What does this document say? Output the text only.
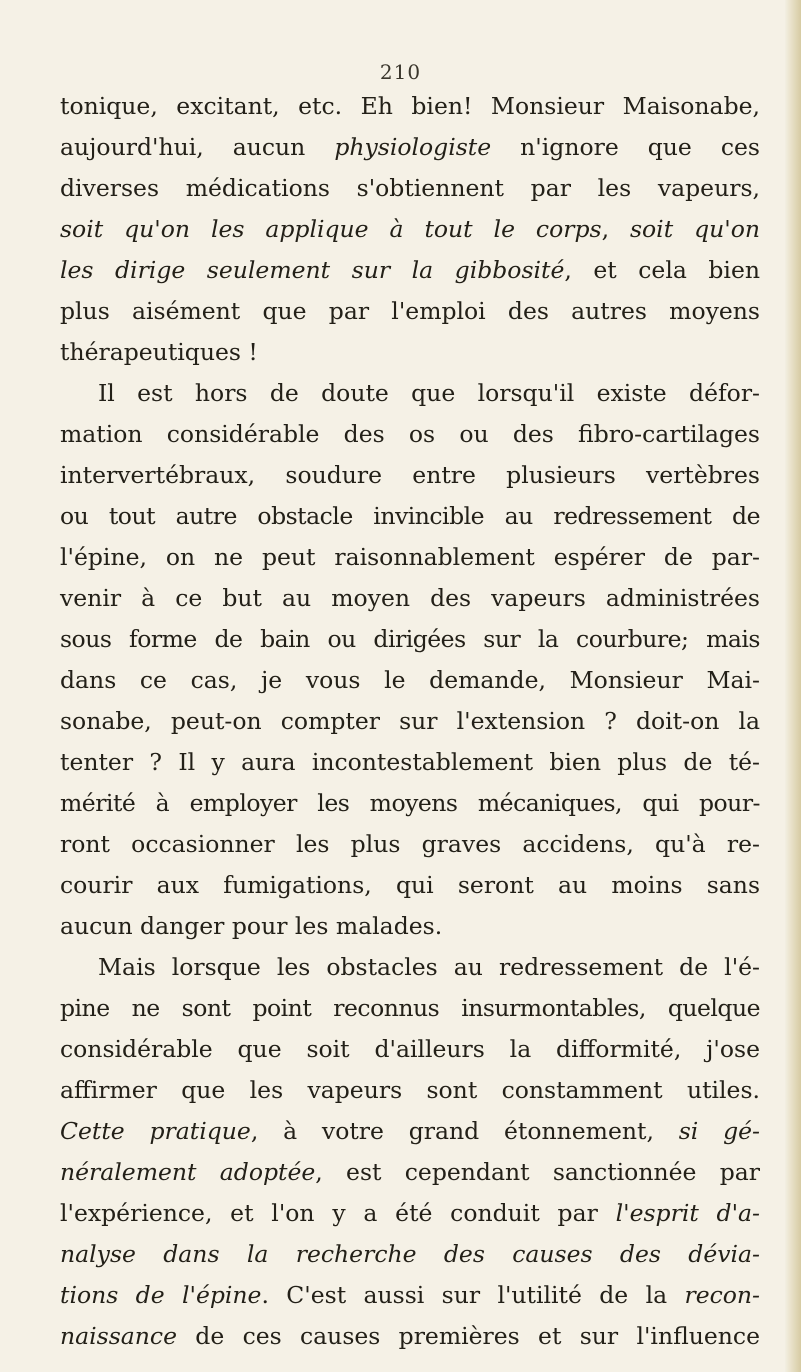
210
tonique, excitant, etc. Eh bien! Monsieur Maisonabe,
aujourd'hui, aucun physiologiste n'ignore que ces
diverses médications s'obtiennent par les vapeurs,
soit qu'on les applique à tout le corps, soit qu'on
les dirige seulement sur la gibbosité, et cela bien
plus aisément que par l'emploi des autres moyens
thérapeutiques !
Il est hors de doute que lorsqu'il existe défor-
mation considérable des os ou des fibro-cartilages
intervertébraux, soudure entre plusieurs vertèbres
ou tout autre obstacle invincible au redressement de
l'épine, on ne peut raisonnablement espérer de par-
venir à ce but au moyen des vapeurs administrées
sous forme de bain ou dirigées sur la courbure; mais
dans ce cas, je vous le demande, Monsieur Mai-
sonabe, peut-on compter sur l'extension ? doit-on la
tenter ? Il y aura incontestablement bien plus de té-
mérité à employer les moyens mécaniques, qui pour-
ront occasionner les plus graves accidens, qu'à re-
courir aux fumigations, qui seront au moins sans
aucun danger pour les malades.
Mais lorsque les obstacles au redressement de l'é-
pine ne sont point reconnus insurmontables, quelque
considérable que soit d'ailleurs la difformité, j'ose
affirmer que les vapeurs sont constamment utiles.
Cette pratique, à votre grand étonnement, si gé-
néralement adoptée, est cependant sanctionnée par
l'expérience, et l'on y a été conduit par l'esprit d'a-
nalyse dans la recherche des causes des dévia-
tions de l'épine. C'est aussi sur l'utilité de la recon-
naissance de ces causes premières et sur l'influence
